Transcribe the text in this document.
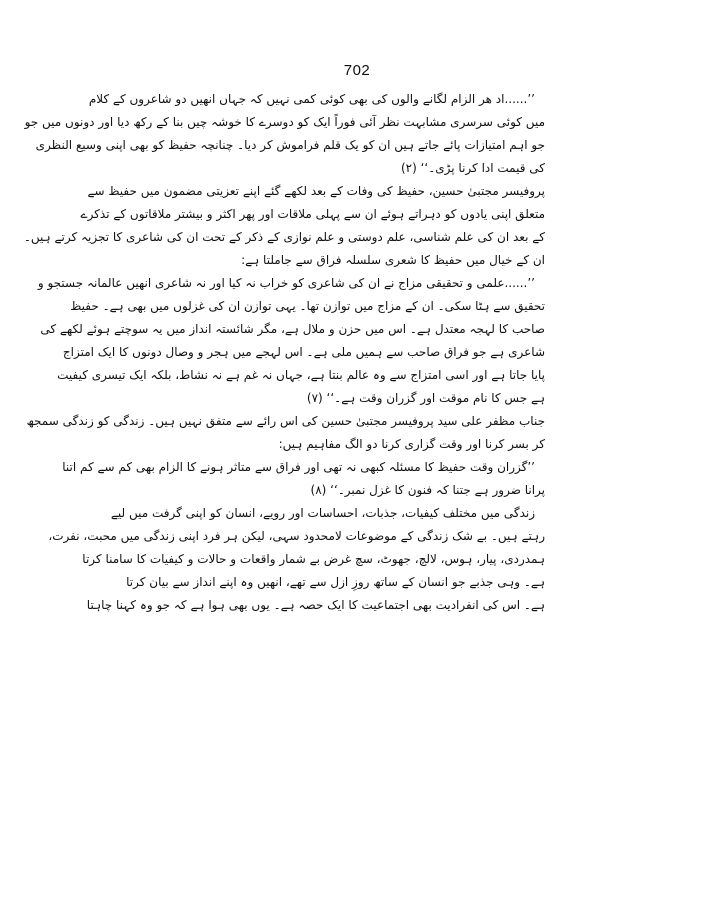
702
’’......اد ھر الزام لگانے والوں کی بھی کوئی کمی نہیں کہ جہاں انھیں دو شاعروں کے کلام
میں کوئی سرسری مشابہت نظر آئی فوراً ایک کو دوسرے کا خوشہ چیں بنا کے رکھ دیا اور دونوں میں جو
جو اہم امتیازات پائے جاتے ہیں ان کو یک قلم فراموش کر دیا۔ چنانچہ حفیظ کو بھی اپنی وسیع النظری
کی قیمت ادا کرنا پڑی۔‘‘ (۲)
پروفیسر مجتبیٰ حسین، حفیظ کی وفات کے بعد لکھے گئے اپنے تعزیتی مضمون میں حفیظ سے
متعلق اپنی یادوں کو دہراتے ہوئے ان سے پہلی ملاقات اور پھر اکثر و بیشتر ملاقاتوں کے تذکرے
کے بعد ان کی علم شناسی، علم دوستی و علم نوازی کے ذکر کے تحت ان کی شاعری کا تجزیہ کرتے ہیں۔
ان کے خیال میں حفیظ کا شعری سلسلہ فراق سے جاملتا ہے:
’’......علمی و تحقیقی مزاج نے ان کی شاعری کو خراب نہ کیا اور نہ شاعری انھیں عالمانہ جستجو و
تحقیق سے ہٹا سکی۔ ان کے مزاج میں توازن تھا۔ یہی توازن ان کی غزلوں میں بھی ہے۔ حفیظ
صاحب کا لہجہ معتدل ہے۔ اس میں حزن و ملال ہے، مگر شائستہ انداز میں یہ سوچتے ہوئے لکھے کی
شاعری ہے جو فراق صاحب سے ہمیں ملی ہے۔ اس لہجے میں ہجر و وصال دونوں کا ایک امتزاج
پایا جاتا ہے اور اسی امتزاج سے وہ عالم بنتا ہے، جہاں نہ غم ہے نہ نشاط، بلکہ ایک تیسری کیفیت
ہے جس کا نام موقت اور گزران وقت ہے۔‘‘ (۷)
جناب مظفر علی سید پروفیسر مجتبیٰ حسین کی اس رائے سے متفق نہیں ہیں۔ زندگی کو زندگی سمجھ
کر بسر کرنا اور وقت گزاری کرنا دو الگ مفاہیم ہیں:
’’گزران وقت حفیظ کا مسئلہ کبھی نہ تھی اور فراق سے متاثر ہونے کا الزام بھی کم سے کم اتنا
پرانا ضرور ہے جتنا کہ فنون کا غزل نمبر۔‘‘ (۸)
زندگی میں مختلف کیفیات، جذبات، احساسات اور رویے، انسان کو اپنی گرفت میں لیے
رہتے ہیں۔ بے شک زندگی کے موضوعات لامحدود سہی، لیکن ہر فرد اپنی زندگی میں محبت، نفرت،
ہمدردی، پیار، ہوس، لالچ، جھوٹ، سچ غرض بے شمار واقعات و حالات و کیفیات کا سامنا کرتا
ہے۔ وہی جذبے جو انسان کے ساتھ روزِ ازل سے تھے، انھیں وہ اپنے انداز سے بیان کرتا
ہے۔ اس کی انفرادیت بھی اجتماعیت کا ایک حصہ ہے۔ یوں بھی ہوا ہے کہ جو وہ کہنا چاہتا
